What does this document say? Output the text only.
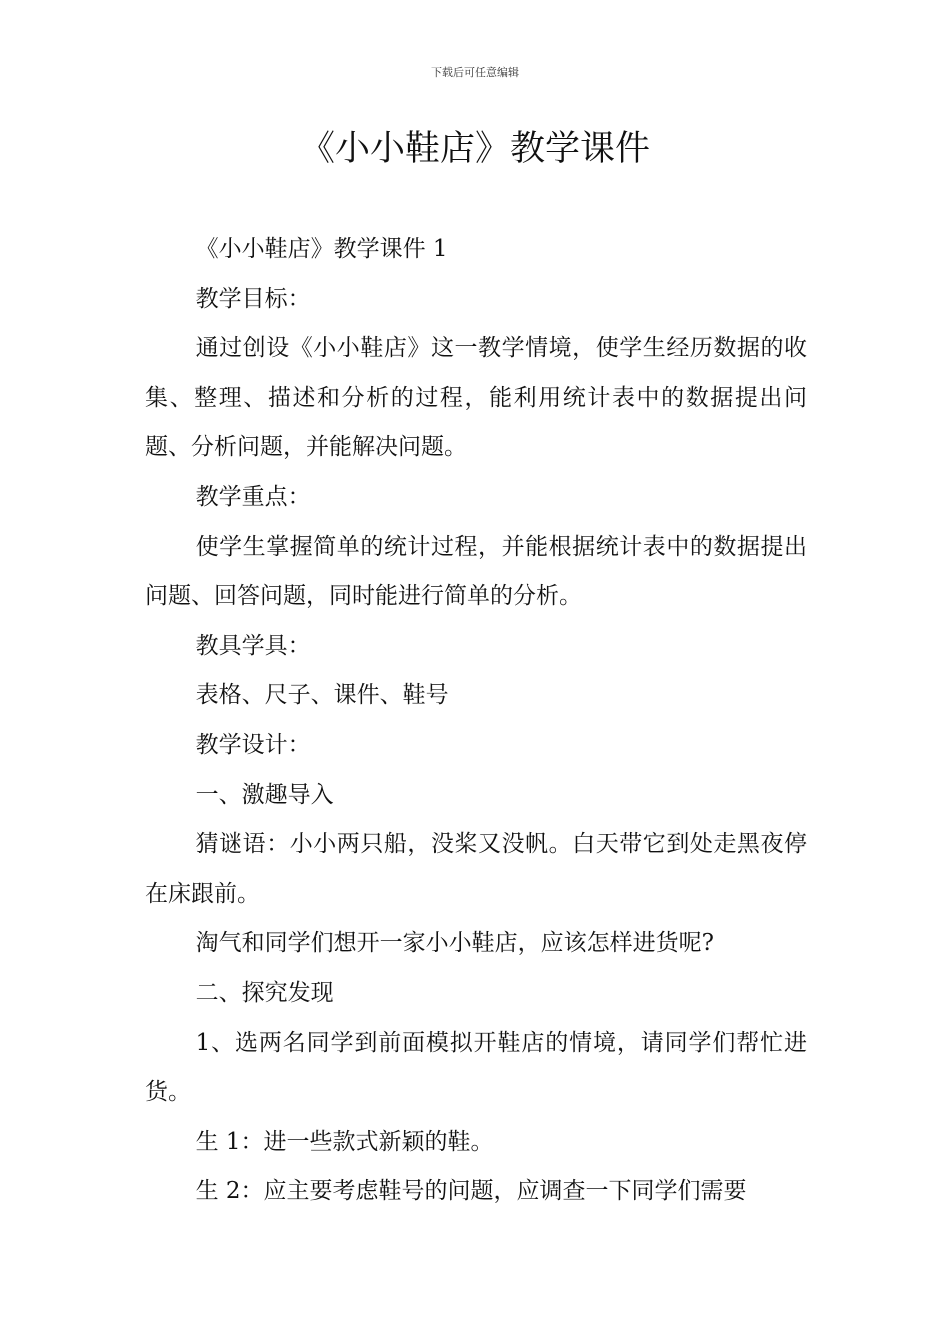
下载后可任意编辑
《小小鞋店》教学课件

《小小鞋店》教学课件 1

教学目标：

通过创设《小小鞋店》这一教学情境，使学生经历数据的收集、整理、描述和分析的过程，能利用统计表中的数据提出问题、分析问题，并能解决问题。

教学重点：

使学生掌握简单的统计过程，并能根据统计表中的数据提出问题、回答问题，同时能进行简单的分析。

教具学具：

表格、尺子、课件、鞋号

教学设计：

一、激趣导入

猜谜语：小小两只船，没桨又没帆。白天带它到处走黑夜停在床跟前。

淘气和同学们想开一家小小鞋店，应该怎样进货呢?

二、探究发现

1、选两名同学到前面模拟开鞋店的情境，请同学们帮忙进货。

生 1：进一些款式新颖的鞋。

生 2：应主要考虑鞋号的问题，应调查一下同学们需要
